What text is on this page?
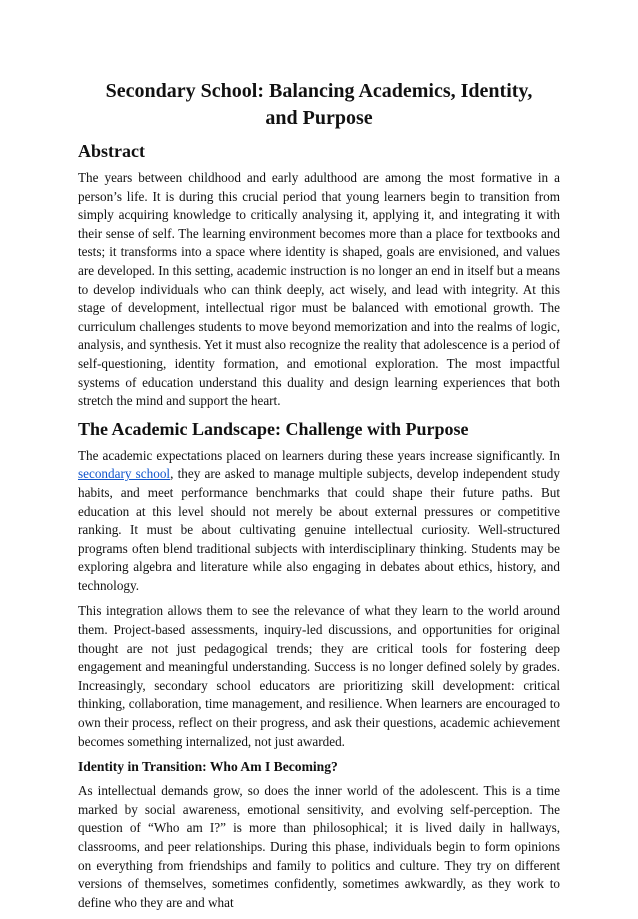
Secondary School: Balancing Academics, Identity, and Purpose
Abstract

The years between childhood and early adulthood are among the most formative in a person’s life. It is during this crucial period that young learners begin to transition from simply acquiring knowledge to critically analysing it, applying it, and integrating it with their sense of self. The learning environment becomes more than a place for textbooks and tests; it transforms into a space where identity is shaped, goals are envisioned, and values are developed. In this setting, academic instruction is no longer an end in itself but a means to develop individuals who can think deeply, act wisely, and lead with integrity. At this stage of development, intellectual rigor must be balanced with emotional growth. The curriculum challenges students to move beyond memorization and into the realms of logic, analysis, and synthesis. Yet it must also recognize the reality that adolescence is a period of self-questioning, identity formation, and emotional exploration. The most impactful systems of education understand this duality and design learning experiences that both stretch the mind and support the heart.

The Academic Landscape: Challenge with Purpose

The academic expectations placed on learners during these years increase significantly. In secondary school, they are asked to manage multiple subjects, develop independent study habits, and meet performance benchmarks that could shape their future paths. But education at this level should not merely be about external pressures or competitive ranking. It must be about cultivating genuine intellectual curiosity. Well-structured programs often blend traditional subjects with interdisciplinary thinking. Students may be exploring algebra and literature while also engaging in debates about ethics, history, and technology.

This integration allows them to see the relevance of what they learn to the world around them. Project-based assessments, inquiry-led discussions, and opportunities for original thought are not just pedagogical trends; they are critical tools for fostering deep engagement and meaningful understanding. Success is no longer defined solely by grades. Increasingly, secondary school educators are prioritizing skill development: critical thinking, collaboration, time management, and resilience. When learners are encouraged to own their process, reflect on their progress, and ask their questions, academic achievement becomes something internalized, not just awarded.

Identity in Transition: Who Am I Becoming?

As intellectual demands grow, so does the inner world of the adolescent. This is a time marked by social awareness, emotional sensitivity, and evolving self-perception. The question of “Who am I?” is more than philosophical; it is lived daily in hallways, classrooms, and peer relationships. During this phase, individuals begin to form opinions on everything from friendships and family to politics and culture. They try on different versions of themselves, sometimes confidently, sometimes awkwardly, as they work to define who they are and what
